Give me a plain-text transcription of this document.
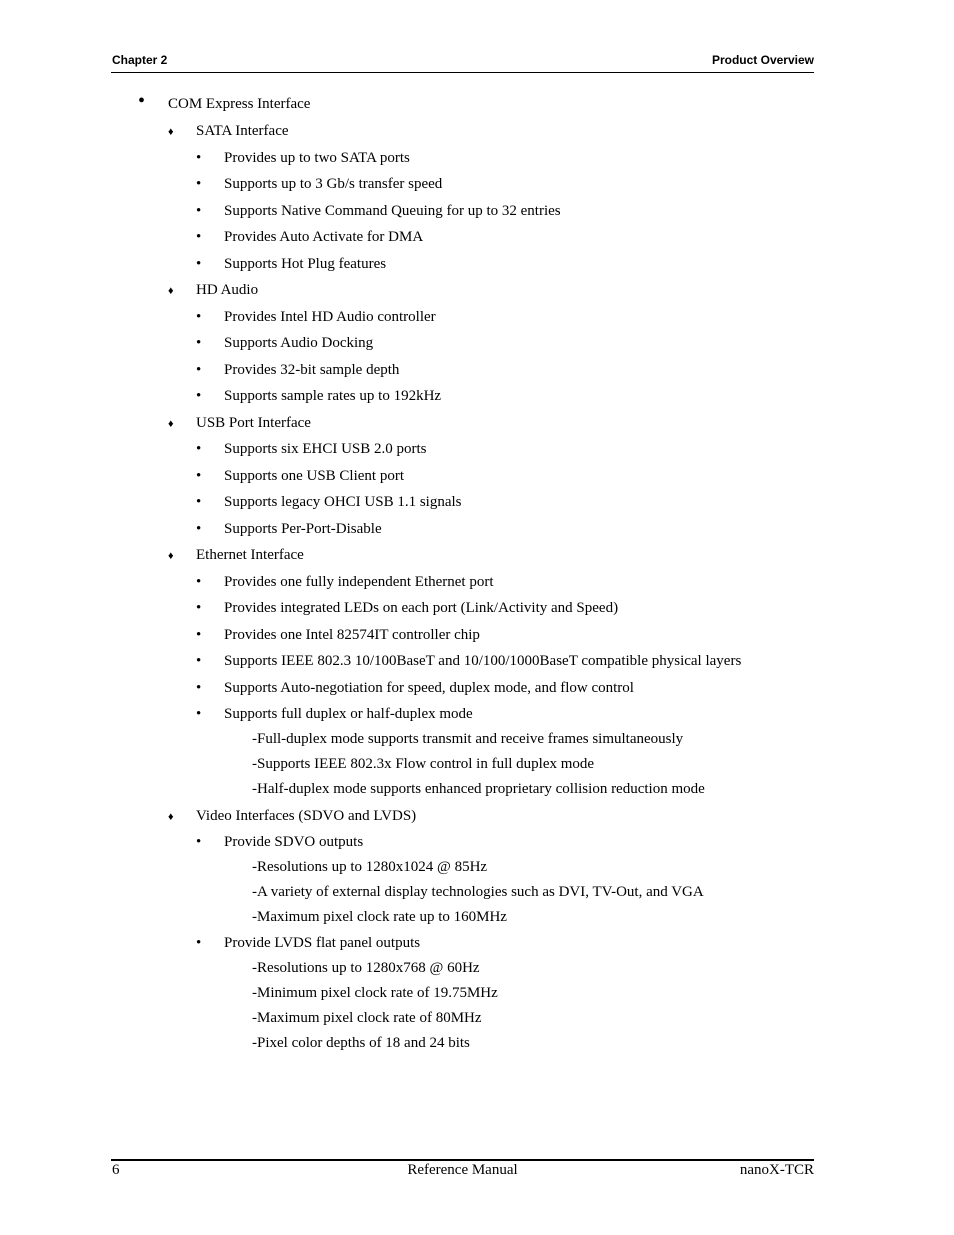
Chapter 2	Product Overview
• COM Express Interface
♦ SATA Interface
• Provides up to two SATA ports
• Supports up to 3 Gb/s transfer speed
• Supports Native Command Queuing for up to 32 entries
• Provides Auto Activate for DMA
• Supports Hot Plug features
♦ HD Audio
• Provides Intel HD Audio controller
• Supports Audio Docking
• Provides 32-bit sample depth
• Supports sample rates up to 192kHz
♦ USB Port Interface
• Supports six EHCI USB 2.0 ports
• Supports one USB Client port
• Supports legacy OHCI USB 1.1 signals
• Supports Per-Port-Disable
♦ Ethernet Interface
• Provides one fully independent Ethernet port
• Provides integrated LEDs on each port (Link/Activity and Speed)
• Provides one Intel 82574IT controller chip
• Supports IEEE 802.3 10/100BaseT and 10/100/1000BaseT compatible physical layers
• Supports Auto-negotiation for speed, duplex mode, and flow control
• Supports full duplex or half-duplex mode
-Full-duplex mode supports transmit and receive frames simultaneously
-Supports IEEE 802.3x Flow control in full duplex mode
-Half-duplex mode supports enhanced proprietary collision reduction mode
♦ Video Interfaces (SDVO and LVDS)
• Provide SDVO outputs
-Resolutions up to 1280x1024 @ 85Hz
-A variety of external display technologies such as DVI, TV-Out, and VGA
-Maximum pixel clock rate up to 160MHz
• Provide LVDS flat panel outputs
-Resolutions up to 1280x768 @ 60Hz
-Minimum pixel clock rate of 19.75MHz
-Maximum pixel clock rate of 80MHz
-Pixel color depths of 18 and 24 bits
6	Reference Manual	nanoX-TCR
